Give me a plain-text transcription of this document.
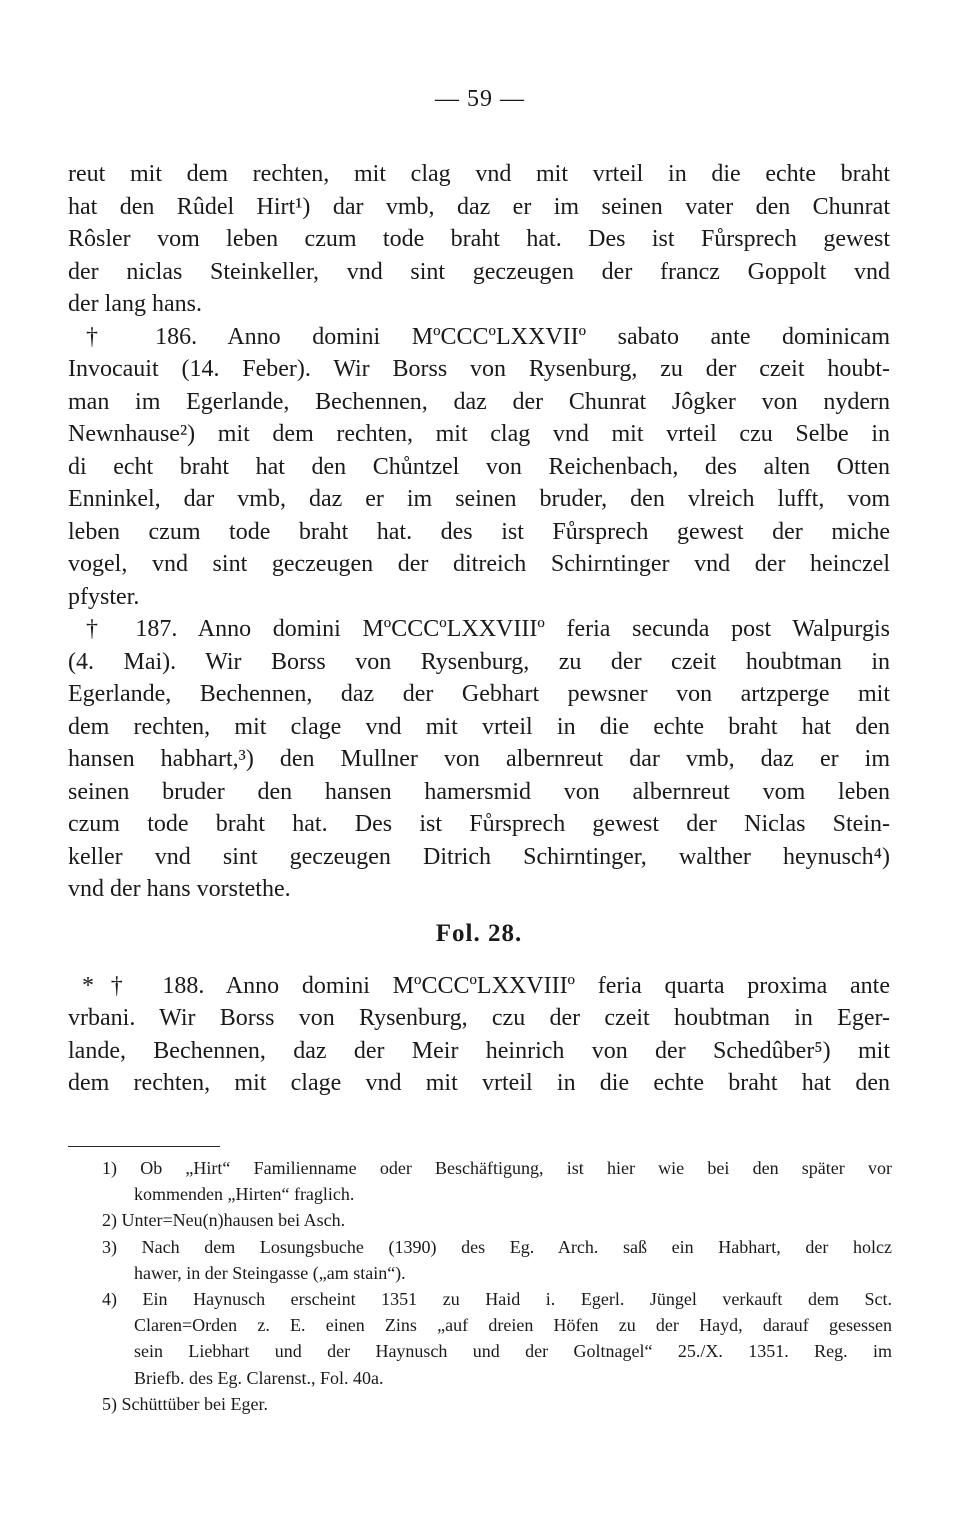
— 59 —
reut mit dem rechten, mit clag vnd mit vrteil in die echte braht
hat den Rûdel Hirt¹) dar vmb, daz er im seinen vater den Chunrat
Rôsler vom leben czum tode braht hat. Des ist Fůrsprech gewest
der niclas Steinkeller, vnd sint geczeugen der francz Goppolt vnd
der lang hans.
† 186. Anno domini MºCCCºLXXVIIº sabato ante dominicam
Invocauit (14. Feber). Wir Borss von Rysenburg, zu der czeit houbt-
man im Egerlande, Bechennen, daz der Chunrat Jôgker von nydern
Newnhause²) mit dem rechten, mit clag vnd mit vrteil czu Selbe in
di echt braht hat den Chůntzel von Reichenbach, des alten Otten
Enninkel, dar vmb, daz er im seinen bruder, den vlreich lufft, vom
leben czum tode braht hat. des ist Fůrsprech gewest der miche
vogel, vnd sint geczeugen der ditreich Schirntinger vnd der heinczel
pfyster.
† 187. Anno domini MºCCCºLXXVIIIº feria secunda post Walpurgis
(4. Mai). Wir Borss von Rysenburg, zu der czeit houbtman in
Egerlande, Bechennen, daz der Gebhart pewsner von artzperge mit
dem rechten, mit clage vnd mit vrteil in die echte braht hat den
hansen habhart,³) den Mullner von albernreut dar vmb, daz er im
seinen bruder den hansen hamersmid von albernreut vom leben
czum tode braht hat. Des ist Fůrsprech gewest der Niclas Stein-
keller vnd sint geczeugen Ditrich Schirntinger, walther heynusch⁴)
vnd der hans vorstethe.
Fol. 28.
*† 188. Anno domini MºCCCºLXXVIIIº feria quarta proxima ante
vrbani. Wir Borss von Rysenburg, czu der czeit houbtman in Eger-
lande, Bechennen, daz der Meir heinrich von der Schedûber⁵) mit
dem rechten, mit clage vnd mit vrteil in die echte braht hat den
1) Ob „Hirt“ Familienname oder Beschäftigung, ist hier wie bei den später vor
kommenden „Hirten“ fraglich.
2) Unter=Neu(n)hausen bei Asch.
3) Nach dem Losungsbuche (1390) des Eg. Arch. saß ein Habhart, der holcz
hawer, in der Steingasse („am stain“).
4) Ein Haynusch erscheint 1351 zu Haid i. Egerl. Jüngel verkauft dem Sct.
Claren=Orden z. E. einen Zins „auf dreien Höfen zu der Hayd, darauf gesessen
sein Liebhart und der Haynusch und der Goltnagel“ 25./X. 1351. Reg. im
Briefb. des Eg. Clarenst., Fol. 40a.
5) Schüttüber bei Eger.
